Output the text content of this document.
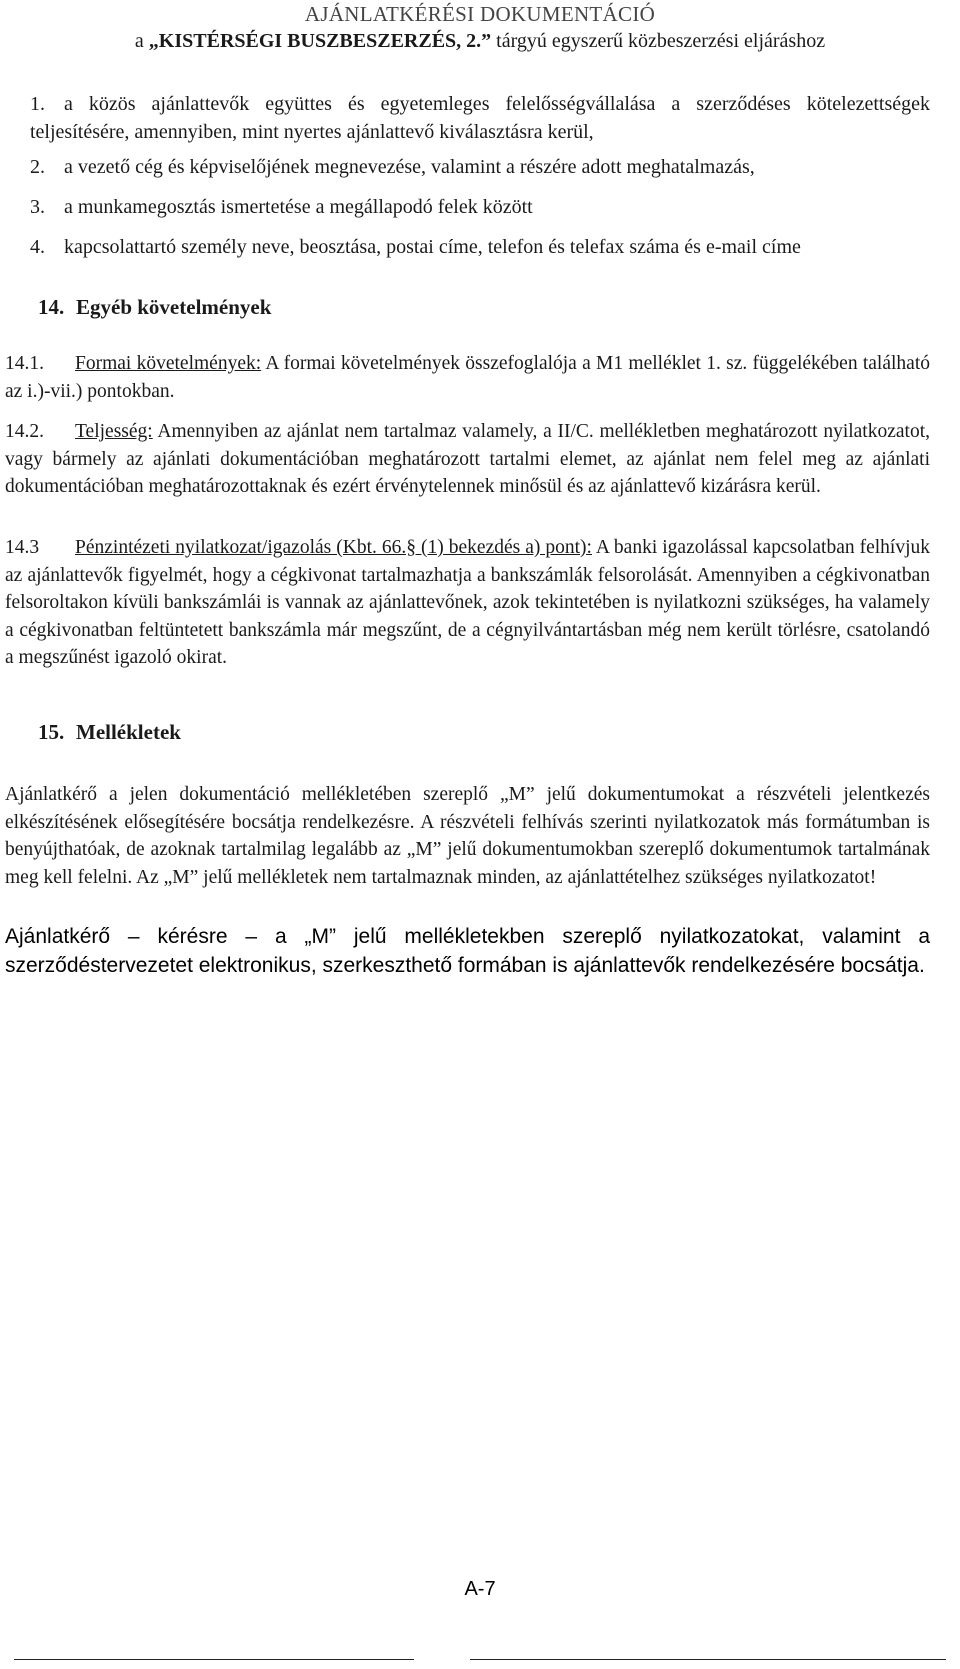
AJÁNLATKÉRÉSI DOKUMENTÁCIÓ
a „KISTÉRSÉGI BUSZBESZERZÉS, 2.” tárgyú egyszerű közbeszerzési eljáráshoz
1. a közös ajánlattevők együttes és egyetemleges felelősségvállalása a szerződéses kötelezettségek teljesítésére, amennyiben, mint nyertes ajánlattevő kiválasztásra kerül,
2. a vezető cég és képviselőjének megnevezése, valamint a részére adott meghatalmazás,
3. a munkamegosztás ismertetése a megállapodó felek között
4. kapcsolattartó személy neve, beosztása, postai címe, telefon és telefax száma és e-mail címe
14. Egyéb követelmények
14.1. Formai követelmények: A formai követelmények összefoglalója a M1 melléklet 1. sz. függelékében található az i.)-vii.) pontokban.
14.2. Teljesség: Amennyiben az ajánlat nem tartalmaz valamely, a II/C. mellékletben meghatározott nyilatkozatot, vagy bármely az ajánlati dokumentációban meghatározott tartalmi elemet, az ajánlat nem felel meg az ajánlati dokumentációban meghatározottaknak és ezért érvénytelennek minősül és az ajánlattevő kizárásra kerül.
14.3 Pénzintézeti nyilatkozat/igazolás (Kbt. 66.§ (1) bekezdés a) pont): A banki igazolással kapcsolatban felhívjuk az ajánlattevők figyelmét, hogy a cégkivonat tartalmazhatja a bankszámlák felsorolását. Amennyiben a cégkivonatban felsoroltakon kívüli bankszámlái is vannak az ajánlattevőnek, azok tekintetében is nyilatkozni szükséges, ha valamely a cégkivonatban feltüntetett bankszámla már megszűnt, de a cégnyilvántartásban még nem került törlésre, csatolandó a megszűnést igazoló okirat.
15. Mellékletek
Ajánlatkérő a jelen dokumentáció mellékletében szereplő „M” jelű dokumentumokat a részvételi jelentkezés elkészítésének elősegítésére bocsátja rendelkezésre. A részvételi felhívás szerinti nyilatkozatok más formátumban is benyújthatóak, de azoknak tartalmilag legalább az „M” jelű dokumentumokban szereplő dokumentumok tartalmának meg kell felelni. Az „M” jelű mellékletek nem tartalmaznak minden, az ajánlattételhez szükséges nyilatkozatot!
Ajánlatkérő – kérésre – a „M” jelű mellékletekben szereplő nyilatkozatokat, valamint a szerződéstervezetet elektronikus, szerkeszthető formában is ajánlattevők rendelkezésére bocsátja.
A-7
